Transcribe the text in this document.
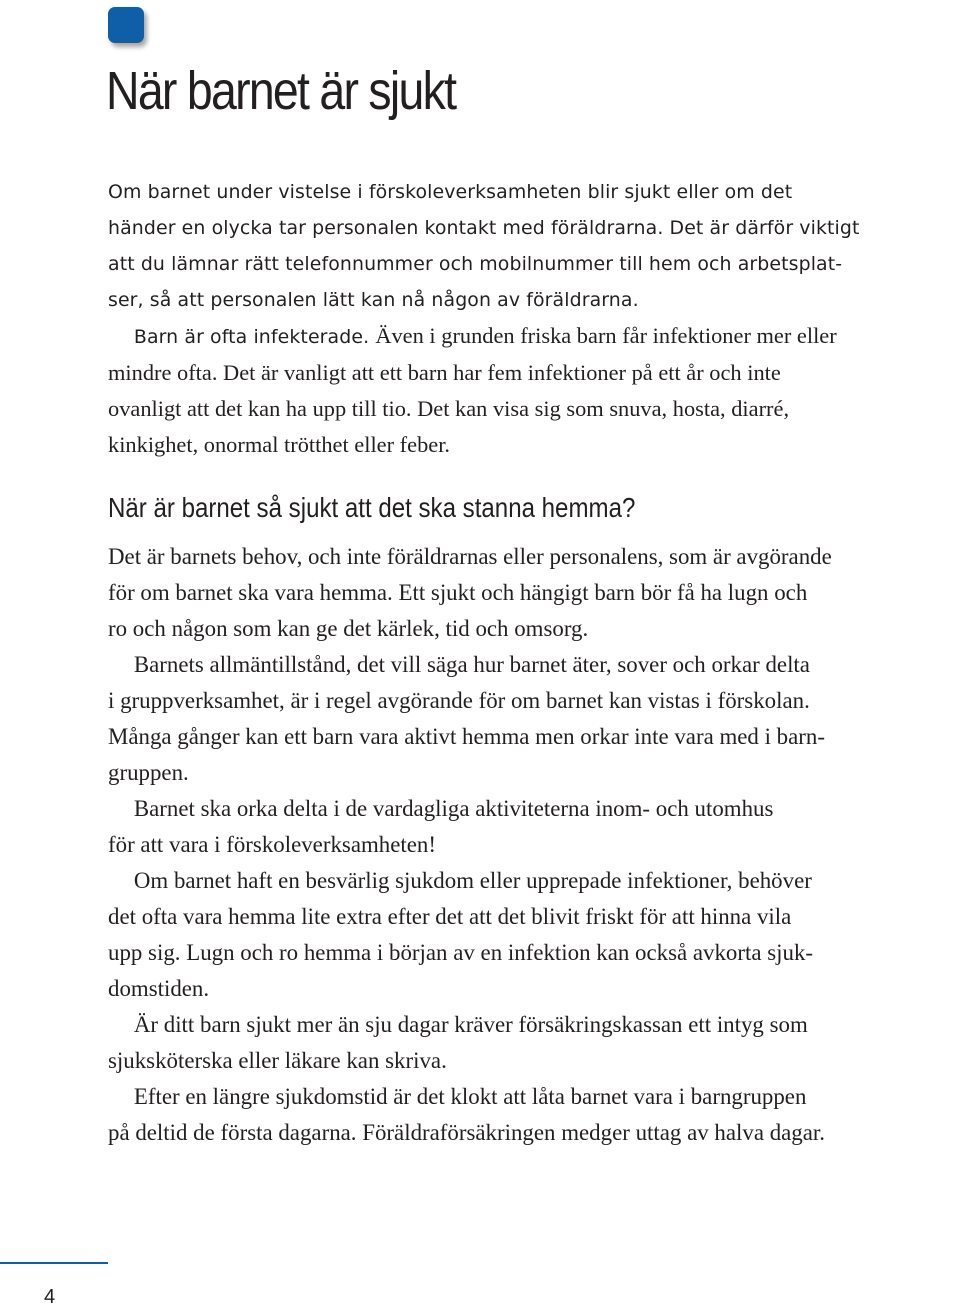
När barnet är sjukt

Om barnet under vistelse i förskoleverksamheten blir sjukt eller om det

händer en olycka tar personalen kontakt med föräldrarna. Det är därför viktigt

att du lämnar rätt telefonnummer och mobilnummer till hem och arbetsplat-

ser, så att personalen lätt kan nå någon av föräldrarna.

Barn är ofta infekterade. Även i grunden friska barn får infektioner mer eller

mindre ofta. Det är vanligt att ett barn har fem infektioner på ett år och inte

ovanligt att det kan ha upp till tio. Det kan visa sig som snuva, hosta, diarré,

kinkighet, onormal trötthet eller feber.

När är barnet så sjukt att det ska stanna hemma?

Det är barnets behov, och inte föräldrarnas eller personalens, som är avgörande

för om barnet ska vara hemma. Ett sjukt och hängigt barn bör få ha lugn och

ro och någon som kan ge det kärlek, tid och omsorg.

Barnets allmäntillstånd, det vill säga hur barnet äter, sover och orkar delta

i gruppverksamhet, är i regel avgörande för om barnet kan vistas i förskolan.

Många gånger kan ett barn vara aktivt hemma men orkar inte vara med i barn-

gruppen.

Barnet ska orka delta i de vardagliga aktiviteterna inom- och utomhus

för att vara i förskoleverksamheten!

Om barnet haft en besvärlig sjukdom eller upprepade infektioner, behöver

det ofta vara hemma lite extra efter det att det blivit friskt för att hinna vila

upp sig. Lugn och ro hemma i början av en infektion kan också avkorta sjuk-

domstiden.

Är ditt barn sjukt mer än sju dagar kräver försäkringskassan ett intyg som

sjuksköterska eller läkare kan skriva.

Efter en längre sjukdomstid är det klokt att låta barnet vara i barngruppen

på deltid de första dagarna. Föräldraförsäkringen medger uttag av halva dagar.

4
